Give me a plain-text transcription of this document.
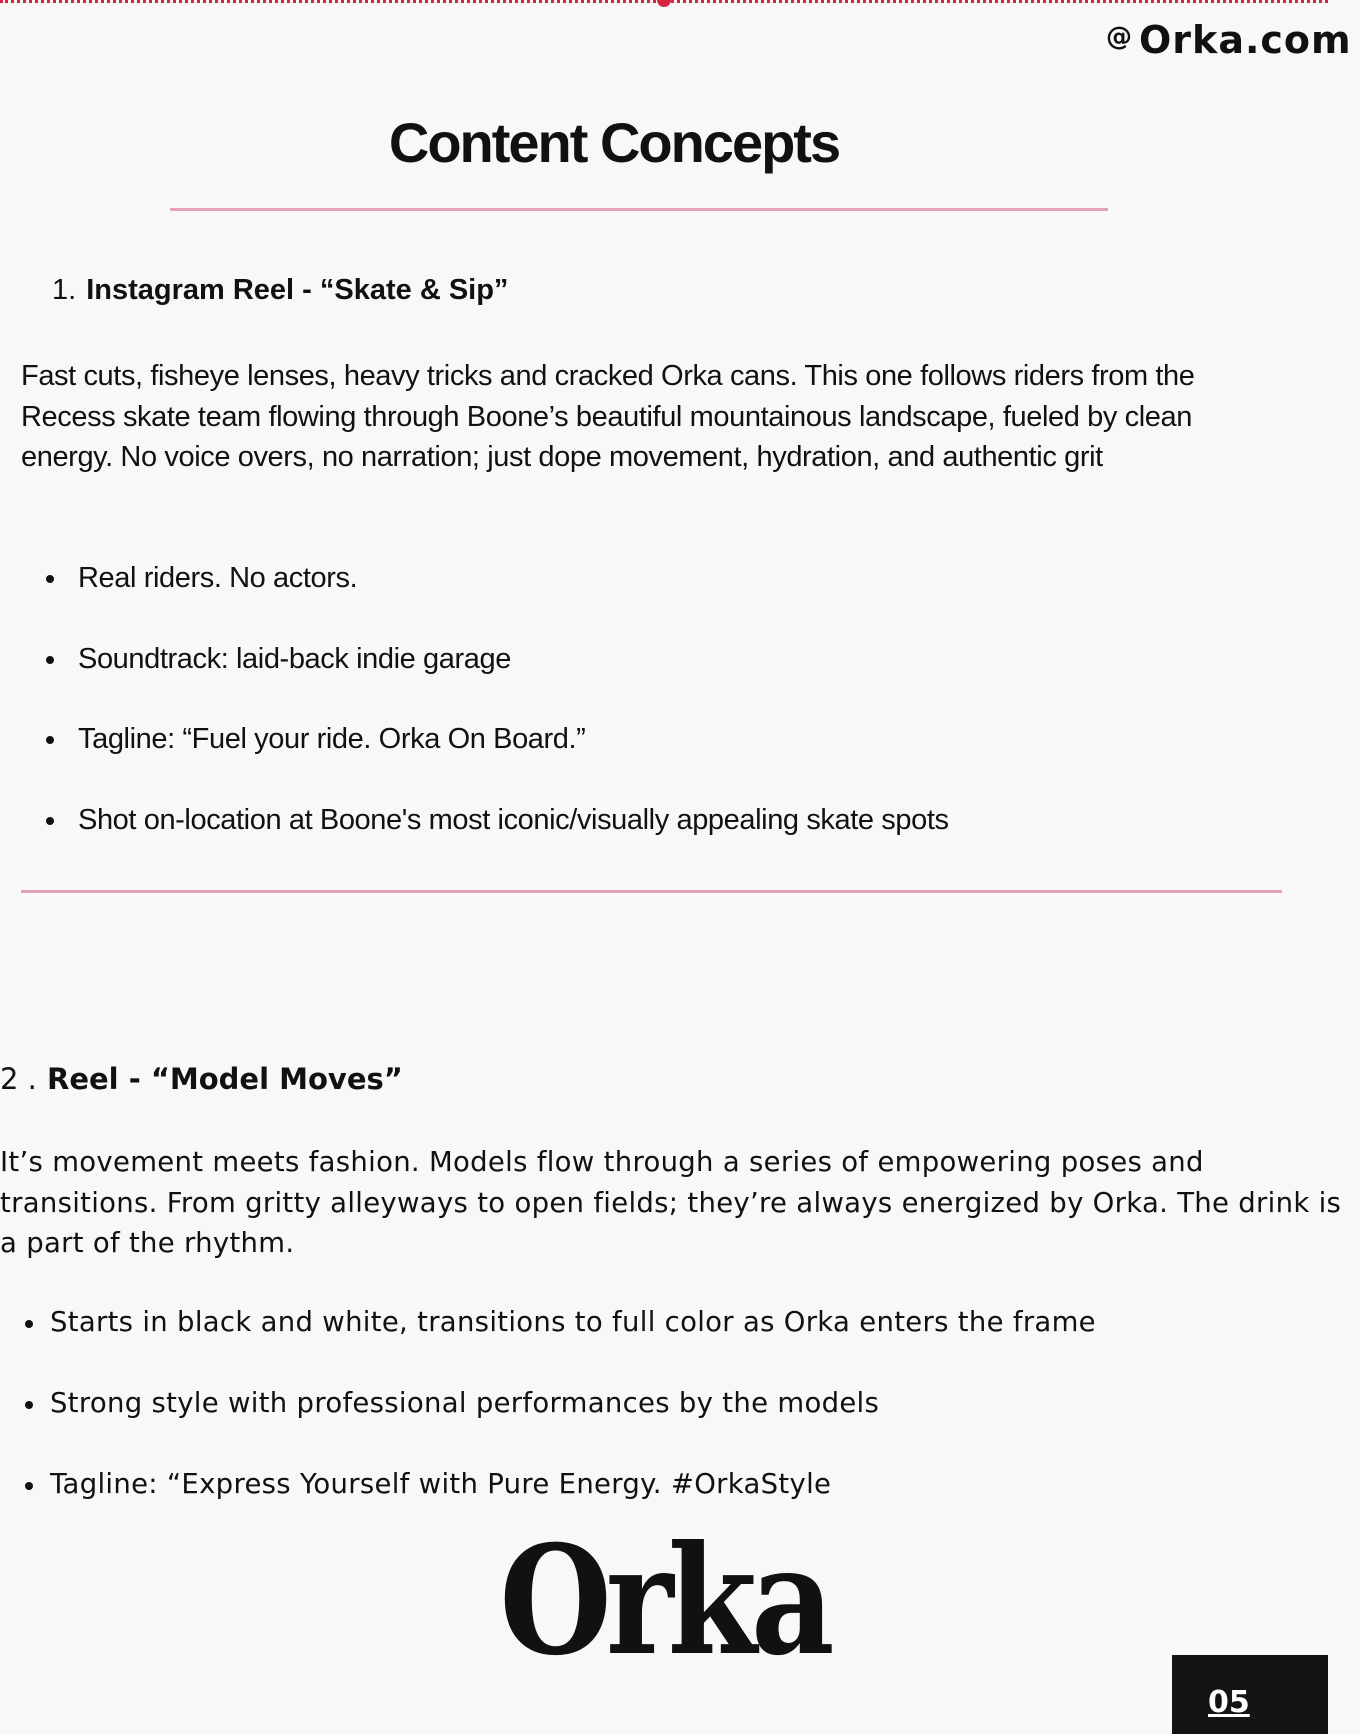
@ Orka.com
Content Concepts
1. Instagram Reel - “Skate & Sip”

Fast cuts, fisheye lenses, heavy tricks and cracked Orka cans. This one follows riders from the Recess skate team flowing through Boone’s beautiful mountainous landscape, fueled by clean energy. No voice overs, no narration; just dope movement, hydration, and authentic grit

Real riders. No actors.
Soundtrack: laid-back indie garage
Tagline: “Fuel your ride. Orka On Board.”
Shot on-location at Boone's most iconic/visually appealing skate spots
2 . Reel - “Model Moves”

It’s movement meets fashion. Models flow through a series of empowering poses and transitions. From gritty alleyways to open fields; they’re always energized by Orka. The drink is a part of the rhythm.

Starts in black and white, transitions to full color as Orka enters the frame
Strong style with professional performances by the models
Tagline: “Express Yourself with Pure Energy. #OrkaStyle
Orka
05
